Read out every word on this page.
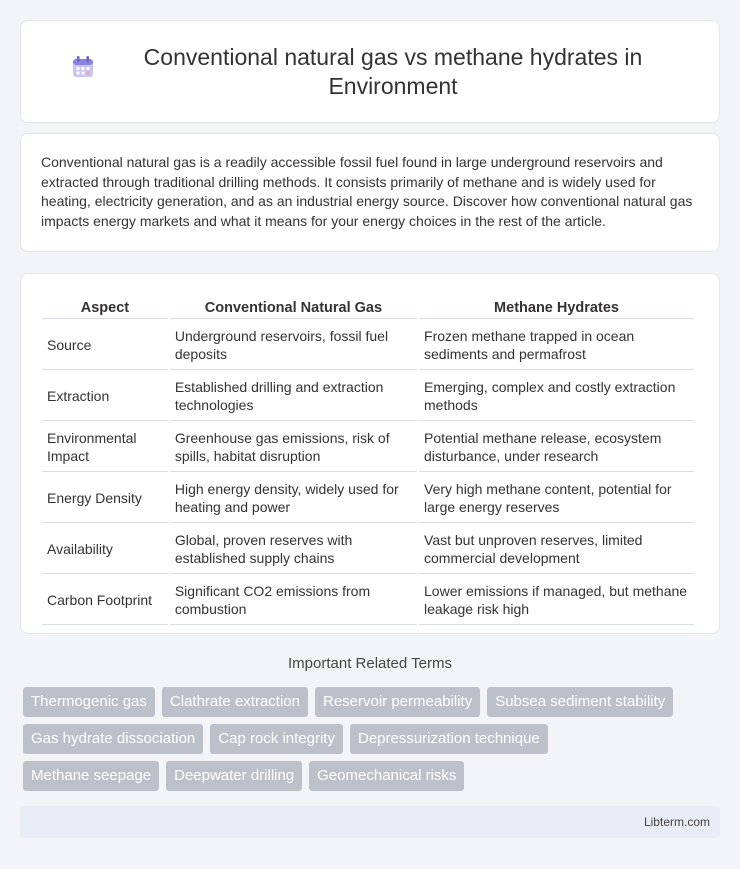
Conventional natural gas vs methane hydrates in Environment

Conventional natural gas is a readily accessible fossil fuel found in large underground reservoirs and extracted through traditional drilling methods. It consists primarily of methane and is widely used for heating, electricity generation, and as an industrial energy source. Discover how conventional natural gas impacts energy markets and what it means for your energy choices in the rest of the article.

Aspect	Conventional Natural Gas	Methane Hydrates
Source	Underground reservoirs, fossil fuel deposits	Frozen methane trapped in ocean sediments and permafrost
Extraction	Established drilling and extraction technologies	Emerging, complex and costly extraction methods
Environmental Impact	Greenhouse gas emissions, risk of spills, habitat disruption	Potential methane release, ecosystem disturbance, under research
Energy Density	High energy density, widely used for heating and power	Very high methane content, potential for large energy reserves
Availability	Global, proven reserves with established supply chains	Vast but unproven reserves, limited commercial development
Carbon Footprint	Significant CO2 emissions from combustion	Lower emissions if managed, but methane leakage risk high
Important Related Terms
Thermogenic gas	Clathrate extraction	Reservoir permeability	Subsea sediment stability
Gas hydrate dissociation	Cap rock integrity	Depressurization technique
Methane seepage	Deepwater drilling	Geomechanical risks
Libterm.com
